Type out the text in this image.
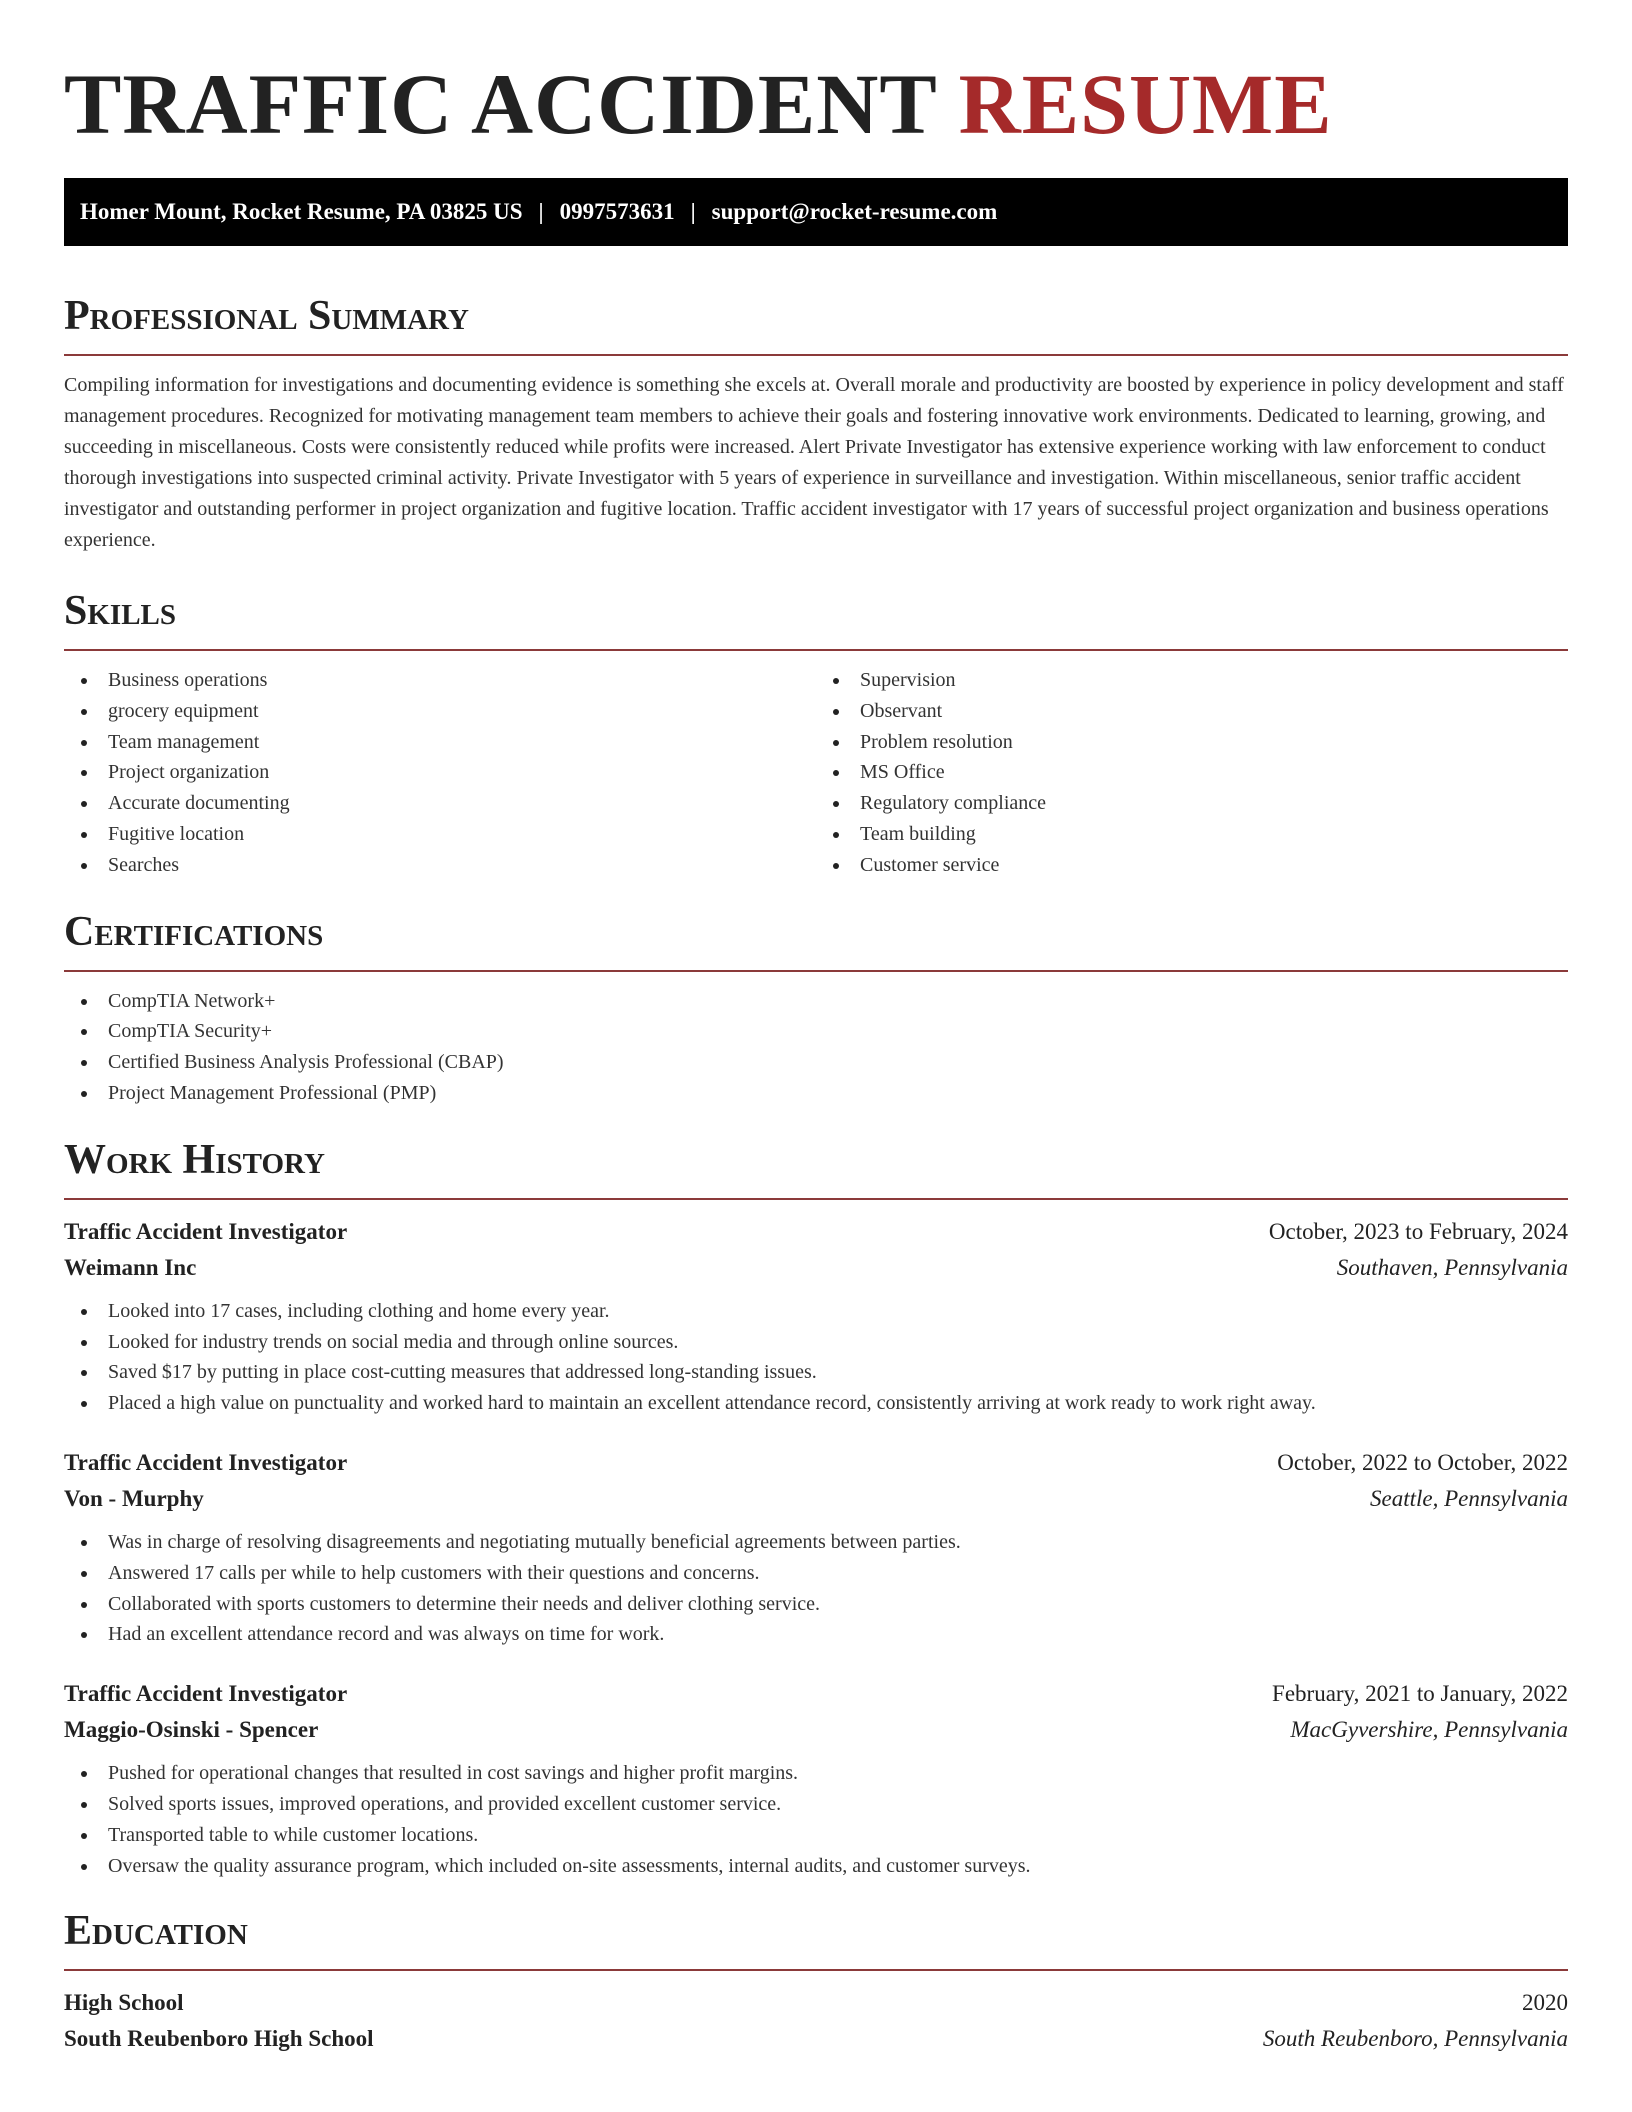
TRAFFIC ACCIDENT RESUME
Homer Mount, Rocket Resume, PA 03825 US | 0997573631 | support@rocket-resume.com
Professional Summary

Compiling information for investigations and documenting evidence is something she excels at. Overall morale and productivity are boosted by experience in policy development and staff management procedures. Recognized for motivating management team members to achieve their goals and fostering innovative work environments. Dedicated to learning, growing, and succeeding in miscellaneous. Costs were consistently reduced while profits were increased. Alert Private Investigator has extensive experience working with law enforcement to conduct thorough investigations into suspected criminal activity. Private Investigator with 5 years of experience in surveillance and investigation. Within miscellaneous, senior traffic accident investigator and outstanding performer in project organization and fugitive location. Traffic accident investigator with 17 years of successful project organization and business operations experience.

Skills
Business operations
grocery equipment
Team management
Project organization
Accurate documenting
Fugitive location
Searches
Supervision
Observant
Problem resolution
MS Office
Regulatory compliance
Team building
Customer service
Certifications
CompTIA Network+
CompTIA Security+
Certified Business Analysis Professional (CBAP)
Project Management Professional (PMP)
Work History
Traffic Accident Investigator	October, 2023 to February, 2024
Weimann Inc	Southaven, Pennsylvania
Looked into 17 cases, including clothing and home every year.
Looked for industry trends on social media and through online sources.
Saved $17 by putting in place cost-cutting measures that addressed long-standing issues.
Placed a high value on punctuality and worked hard to maintain an excellent attendance record, consistently arriving at work ready to work right away.
Traffic Accident Investigator	October, 2022 to October, 2022
Von - Murphy	Seattle, Pennsylvania
Was in charge of resolving disagreements and negotiating mutually beneficial agreements between parties.
Answered 17 calls per while to help customers with their questions and concerns.
Collaborated with sports customers to determine their needs and deliver clothing service.
Had an excellent attendance record and was always on time for work.
Traffic Accident Investigator	February, 2021 to January, 2022
Maggio-Osinski - Spencer	MacGyvershire, Pennsylvania
Pushed for operational changes that resulted in cost savings and higher profit margins.
Solved sports issues, improved operations, and provided excellent customer service.
Transported table to while customer locations.
Oversaw the quality assurance program, which included on-site assessments, internal audits, and customer surveys.
Education
High School	2020
South Reubenboro High School	South Reubenboro, Pennsylvania
